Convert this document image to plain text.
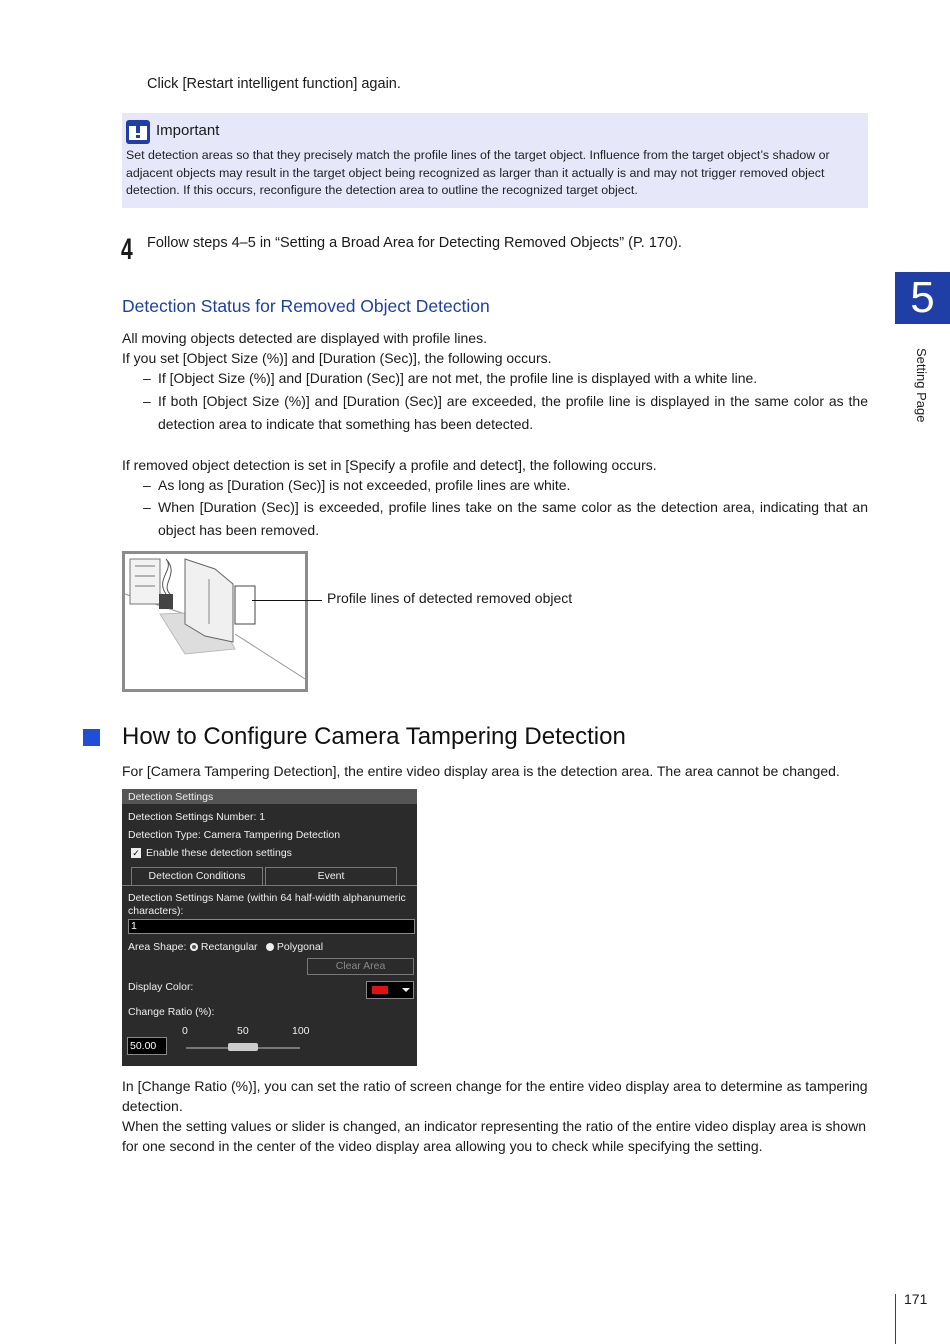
Click [Restart intelligent function] again.
Important
Set detection areas so that they precisely match the profile lines of the target object. Influence from the target object’s shadow or adjacent objects may result in the target object being recognized as larger than it actually is and may not trigger removed object detection. If this occurs, reconfigure the detection area to outline the recognized target object.
4 Follow steps 4–5 in “Setting a Broad Area for Detecting Removed Objects” (P. 170).
5
Setting Page
Detection Status for Removed Object Detection
All moving objects detected are displayed with profile lines.
If you set [Object Size (%)] and [Duration (Sec)], the following occurs.
– If [Object Size (%)] and [Duration (Sec)] are not met, the profile line is displayed with a white line.
– If both [Object Size (%)] and [Duration (Sec)] are exceeded, the profile line is displayed in the same color as the detection area to indicate that something has been detected.
If removed object detection is set in [Specify a profile and detect], the following occurs.
– As long as [Duration (Sec)] is not exceeded, profile lines are white.
– When [Duration (Sec)] is exceeded, profile lines take on the same color as the detection area, indicating that an object has been removed.
Profile lines of detected removed object
How to Configure Camera Tampering Detection
For [Camera Tampering Detection], the entire video display area is the detection area. The area cannot be changed.
Detection Settings
Detection Settings Number: 1
Detection Type: Camera Tampering Detection
✓ Enable these detection settings
Detection Conditions	Event
Detection Settings Name (within 64 half-width alphanumeric characters):
1
Area Shape:	Rectangular	Polygonal
Clear Area
Display Color:
Change Ratio (%):
0	50	100
50.00
In [Change Ratio (%)], you can set the ratio of screen change for the entire video display area to determine as tampering detection.
When the setting values or slider is changed, an indicator representing the ratio of the entire video display area is shown for one second in the center of the video display area allowing you to check while specifying the setting.
171
